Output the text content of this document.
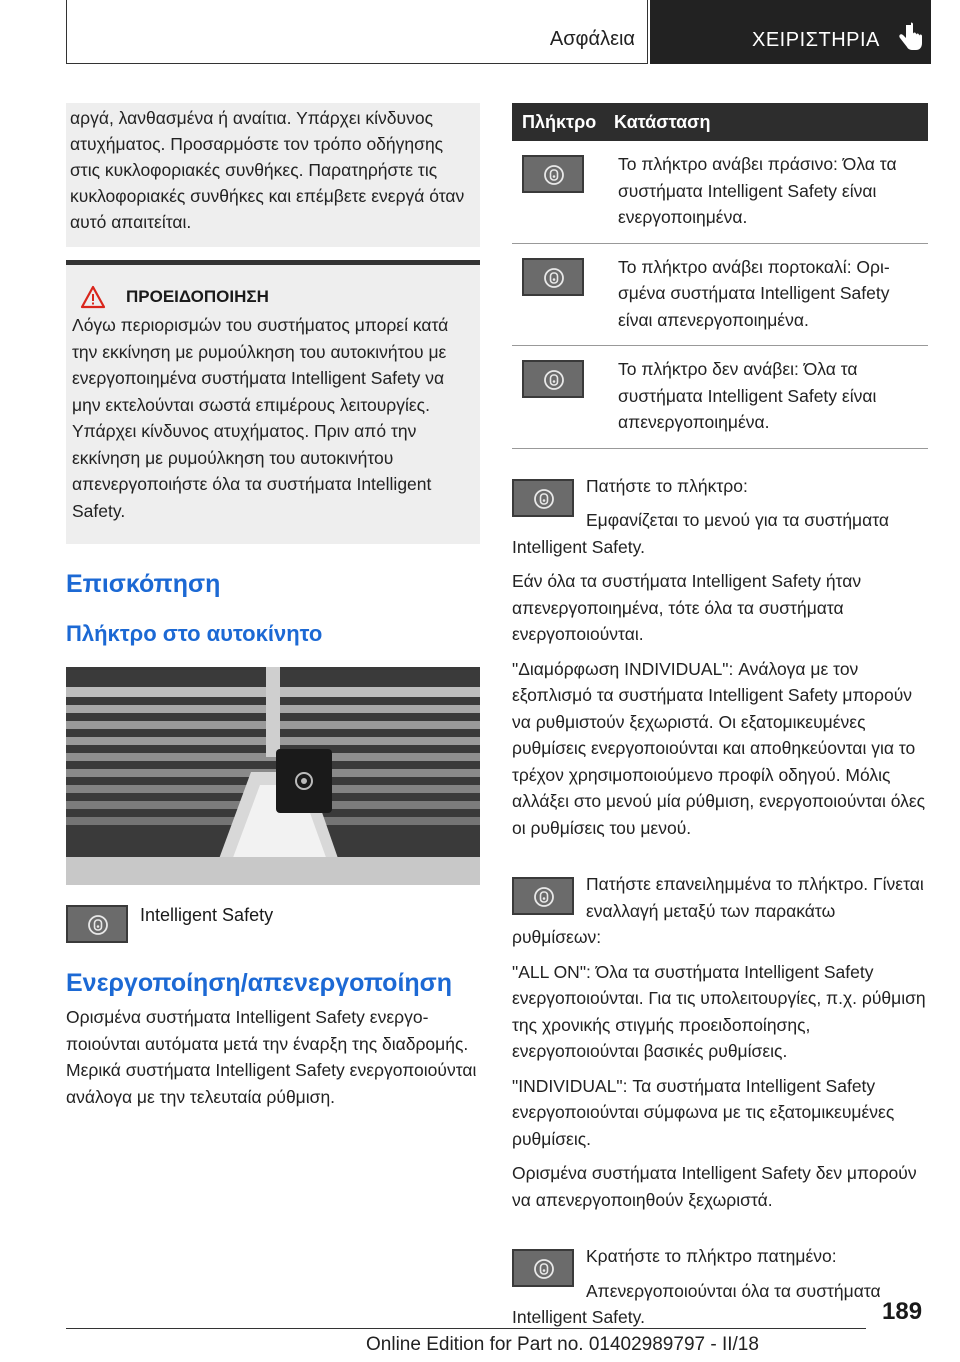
Ασφάλεια	ΧΕΙΡΙΣΤΗΡΙΑ

αργά, λανθασμένα ή αναίτια. Υπάρχει κίνδυνος ατυχήματος. Προσαρμόστε τον τρόπο οδήγησης στις κυκλοφοριακές συνθήκες. Παρατηρήστε τις κυκλοφοριακές συνθήκες και επέμβετε ενεργά όταν αυτό απαιτείται.

ΠΡΟΕΙΔΟΠΟΙΗΣΗ

Λόγω περιορισμών του συστήματος μπορεί κατά την εκκίνηση με ρυμούλκηση του αυτοκινήτου με ενεργοποιημένα συστήματα Intelligent Safety να μην εκτελούνται σωστά επιμέρους λειτουργίες. Υπάρχει κίνδυνος ατυχήματος. Πριν από την εκκίνηση με ρυμούλκηση του αυτοκινήτου απενεργοποιήστε όλα τα συστήματα Intelligent Safety.

Επισκόπηση
Πλήκτρο στο αυτοκίνητο
Intelligent Safety
Ενεργοποίηση/απενεργοποίηση

Ορισμένα συστήματα Intelligent Safety ενεργοποιούνται αυτόματα μετά την έναρξη της διαδρομής. Μερικά συστήματα Intelligent Safety ενεργοποιούνται ανάλογα με την τελευταία ρύθμιση.

Πλήκτρο Κατάσταση
Το πλήκτρο ανάβει πράσινο: Όλα τα συστήματα Intelligent Safety είναι ενεργοποιημένα.
Το πλήκτρο ανάβει πορτοκαλί: Ορισμένα συστήματα Intelligent Safety είναι απενεργοποιημένα.
Το πλήκτρο δεν ανάβει: Όλα τα συστήματα Intelligent Safety είναι απενεργοποιημένα.

Πατήστε το πλήκτρο:

Εμφανίζεται το μενού για τα συστήματα Intelligent Safety.

Εάν όλα τα συστήματα Intelligent Safety ήταν απενεργοποιημένα, τότε όλα τα συστήματα ενεργοποιούνται.

"Διαμόρφωση INDIVIDUAL": Ανάλογα με τον εξοπλισμό τα συστήματα Intelligent Safety μπορούν να ρυθμιστούν ξεχωριστά. Οι εξατομικευμένες ρυθμίσεις ενεργοποιούνται και αποθηκεύονται για το τρέχον χρησιμοποιούμενο προφίλ οδηγού. Μόλις αλλάξει στο μενού μία ρύθμιση, ενεργοποιούνται όλες οι ρυθμίσεις του μενού.

Πατήστε επανειλημμένα το πλήκτρο. Γίνεται εναλλαγή μεταξύ των παρακάτω ρυθμίσεων:

"ALL ON": Όλα τα συστήματα Intelligent Safety ενεργοποιούνται. Για τις υπολειτουργίες, π.χ. ρύθμιση της χρονικής στιγμής προειδοποίησης, ενεργοποιούνται βασικές ρυθμίσεις.

"INDIVIDUAL": Τα συστήματα Intelligent Safety ενεργοποιούνται σύμφωνα με τις εξατομικευμένες ρυθμίσεις.

Ορισμένα συστήματα Intelligent Safety δεν μπορούν να απενεργοποιηθούν ξεχωριστά.

Κρατήστε το πλήκτρο πατημένο:

Απενεργοποιούνται όλα τα συστήματα Intelligent Safety.	189
Online Edition for Part no. 01402989797 - II/18
